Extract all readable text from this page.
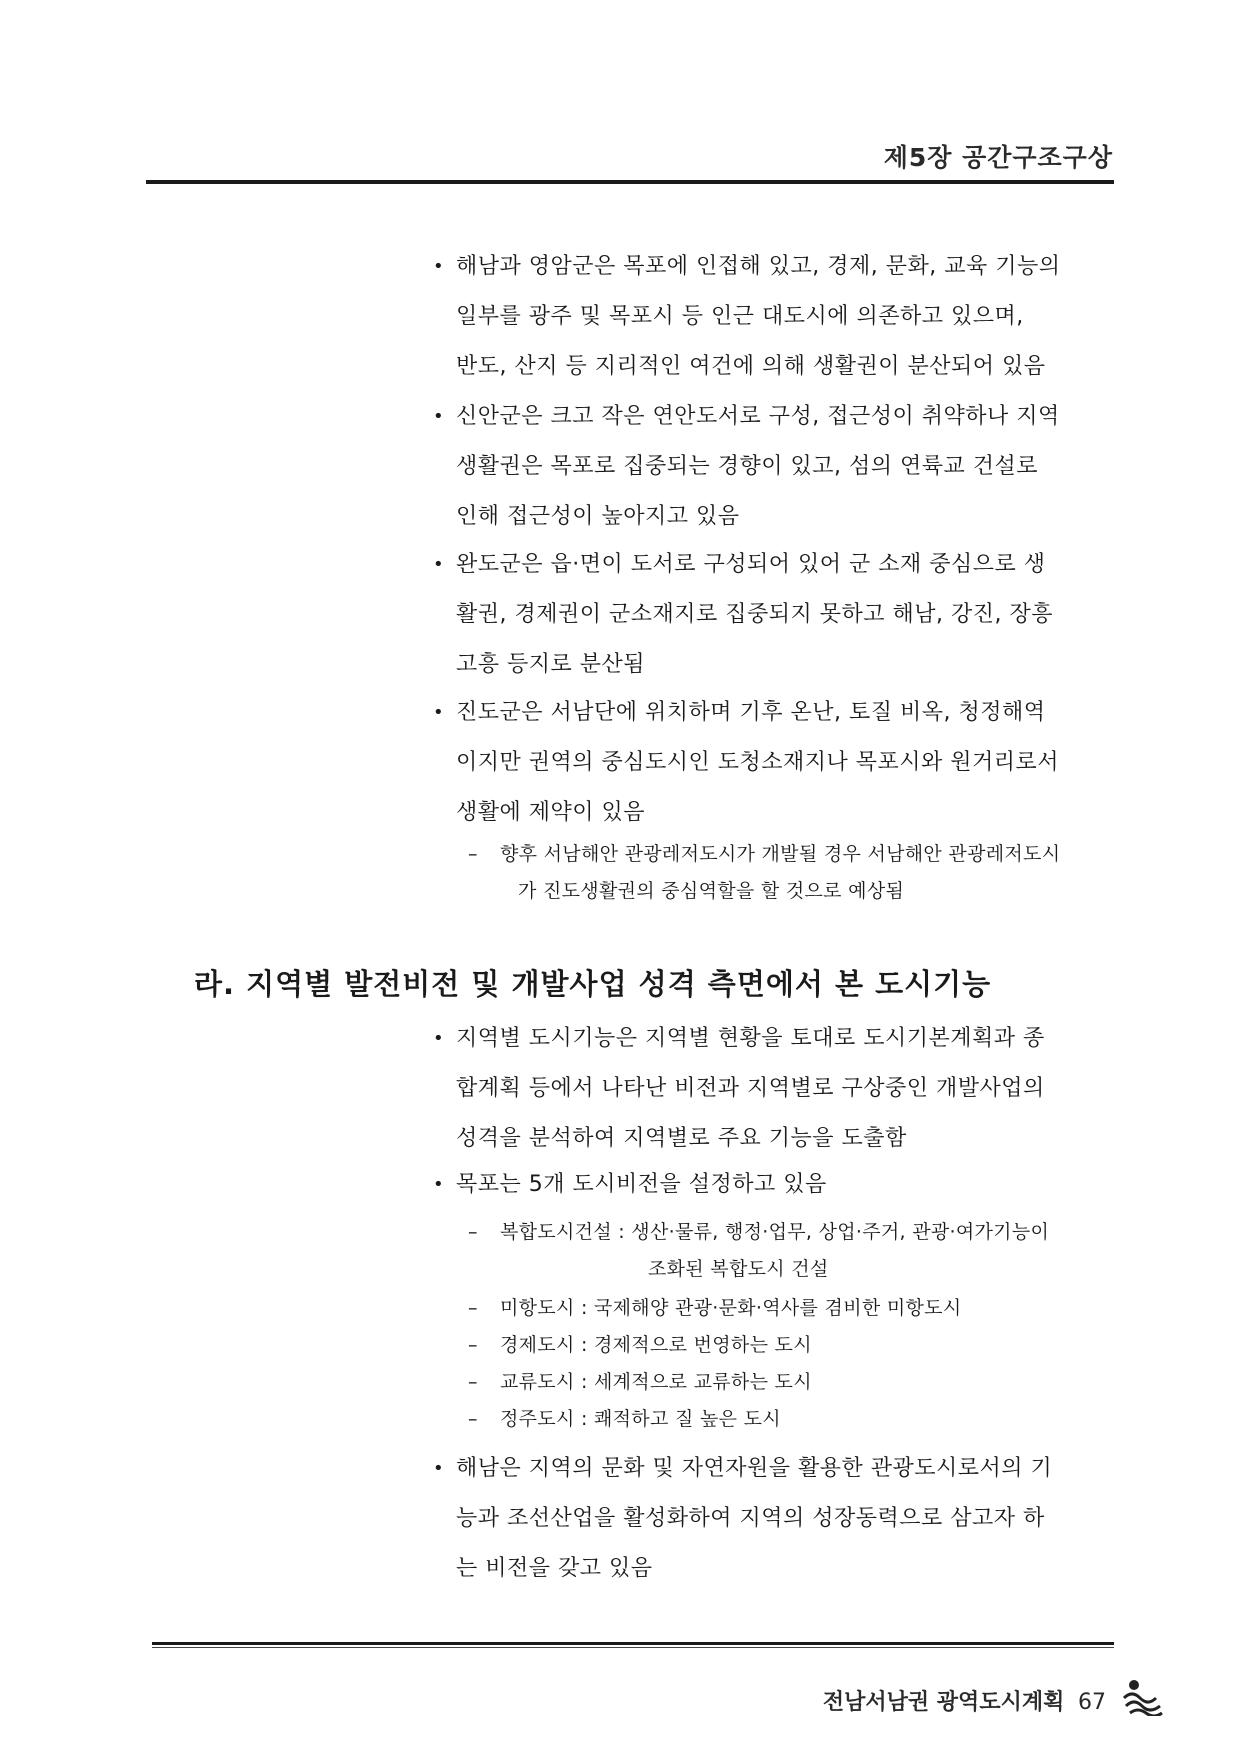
제5장 공간구조구상
• 해남과 영암군은 목포에 인접해 있고, 경제, 문화, 교육 기능의
일부를 광주 및 목포시 등 인근 대도시에 의존하고 있으며,
반도, 산지 등 지리적인 여건에 의해 생활권이 분산되어 있음
• 신안군은 크고 작은 연안도서로 구성, 접근성이 취약하나 지역
생활권은 목포로 집중되는 경향이 있고, 섬의 연륙교 건설로
인해 접근성이 높아지고 있음
• 완도군은 읍·면이 도서로 구성되어 있어 군 소재 중심으로 생
활권, 경제권이 군소재지로 집중되지 못하고 해남, 강진, 장흥
고흥 등지로 분산됨
• 진도군은 서남단에 위치하며 기후 온난, 토질 비옥, 청정해역
이지만 권역의 중심도시인 도청소재지나 목포시와 원거리로서
생활에 제약이 있음
– 향후 서남해안 관광레저도시가 개발될 경우 서남해안 관광레저도시
가 진도생활권의 중심역할을 할 것으로 예상됨
라. 지역별 발전비전 및 개발사업 성격 측면에서 본 도시기능
• 지역별 도시기능은 지역별 현황을 토대로 도시기본계획과 종
합계획 등에서 나타난 비전과 지역별로 구상중인 개발사업의
성격을 분석하여 지역별로 주요 기능을 도출함
• 목포는 5개 도시비전을 설정하고 있음
– 복합도시건설 : 생산·물류, 행정·업무, 상업·주거, 관광·여가기능이
조화된 복합도시 건설
– 미항도시 : 국제해양 관광·문화·역사를 겸비한 미항도시
– 경제도시 : 경제적으로 번영하는 도시
– 교류도시 : 세계적으로 교류하는 도시
– 정주도시 : 쾌적하고 질 높은 도시
• 해남은 지역의 문화 및 자연자원을 활용한 관광도시로서의 기
능과 조선산업을 활성화하여 지역의 성장동력으로 삼고자 하
는 비전을 갖고 있음
전남서남권 광역도시계획 67
